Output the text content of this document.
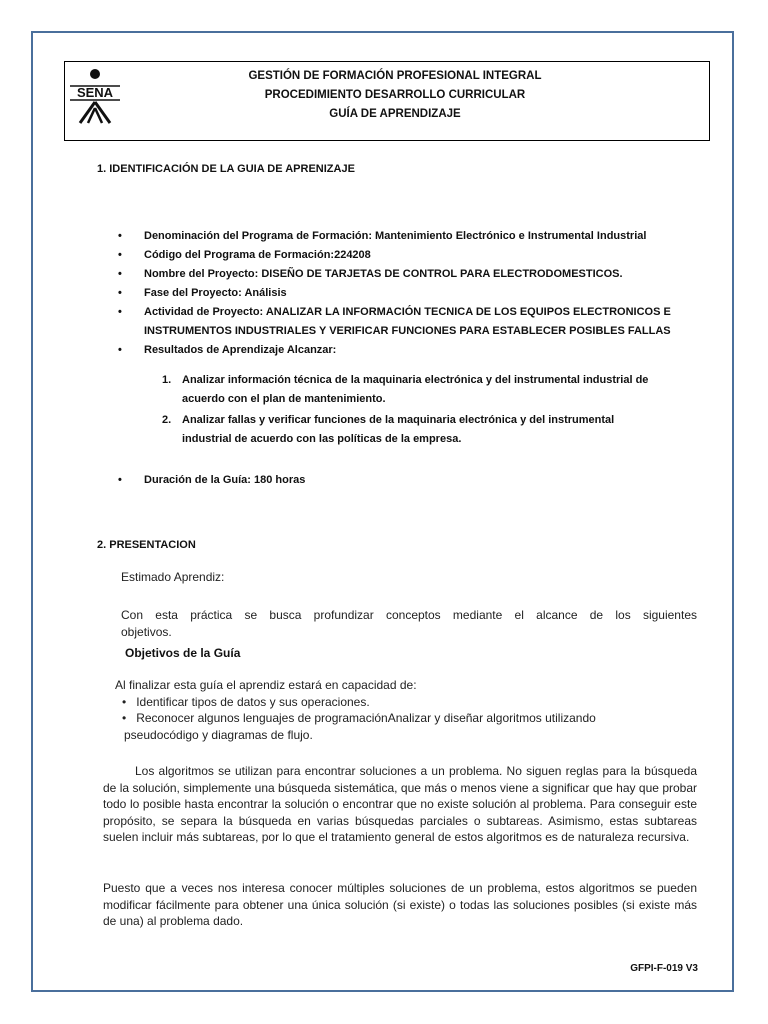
SENA
GESTIÓN DE FORMACIÓN PROFESIONAL INTEGRAL
PROCEDIMIENTO DESARROLLO CURRICULAR
GUÍA DE APRENDIZAJE
1. IDENTIFICACIÓN DE LA GUIA DE APRENIZAJE
• Denominación del Programa de Formación: Mantenimiento Electrónico e Instrumental Industrial
• Código del Programa de Formación:224208
• Nombre del Proyecto: DISEÑO DE TARJETAS DE CONTROL PARA ELECTRODOMESTICOS.
• Fase del Proyecto: Análisis
• Actividad de Proyecto: ANALIZAR LA INFORMACIÓN TECNICA DE LOS EQUIPOS ELECTRONICOS E
INSTRUMENTOS INDUSTRIALES Y VERIFICAR FUNCIONES PARA ESTABLECER POSIBLES FALLAS
• Resultados de Aprendizaje Alcanzar:
1. Analizar información técnica de la maquinaria electrónica y del instrumental industrial de
acuerdo con el plan de mantenimiento.
2. Analizar fallas y verificar funciones de la maquinaria electrónica y del instrumental
industrial de acuerdo con las políticas de la empresa.
• Duración de la Guía: 180 horas
2. PRESENTACION
Estimado Aprendiz:
Con esta práctica se busca profundizar conceptos mediante el alcance de los siguientes
objetivos.
Objetivos de la Guía
Al finalizar esta guía el aprendiz estará en capacidad de:
• Identificar tipos de datos y sus operaciones.
• Reconocer algunos lenguajes de programaciónAnalizar y diseñar algoritmos utilizando
pseudocódigo y diagramas de flujo.
Los algoritmos se utilizan para encontrar soluciones a un problema. No siguen reglas para la búsqueda de la solución, simplemente una búsqueda sistemática, que más o menos viene a significar que hay que probar todo lo posible hasta encontrar la solución o encontrar que no existe solución al problema. Para conseguir este propósito, se separa la búsqueda en varias búsquedas parciales o subtareas. Asimismo, estas subtareas suelen incluir más subtareas, por lo que el tratamiento general de estos algoritmos es de naturaleza recursiva.
Puesto que a veces nos interesa conocer múltiples soluciones de un problema, estos algoritmos se pueden modificar fácilmente para obtener una única solución (si existe) o todas las soluciones posibles (si existe más de una) al problema dado.
GFPI-F-019 V3
